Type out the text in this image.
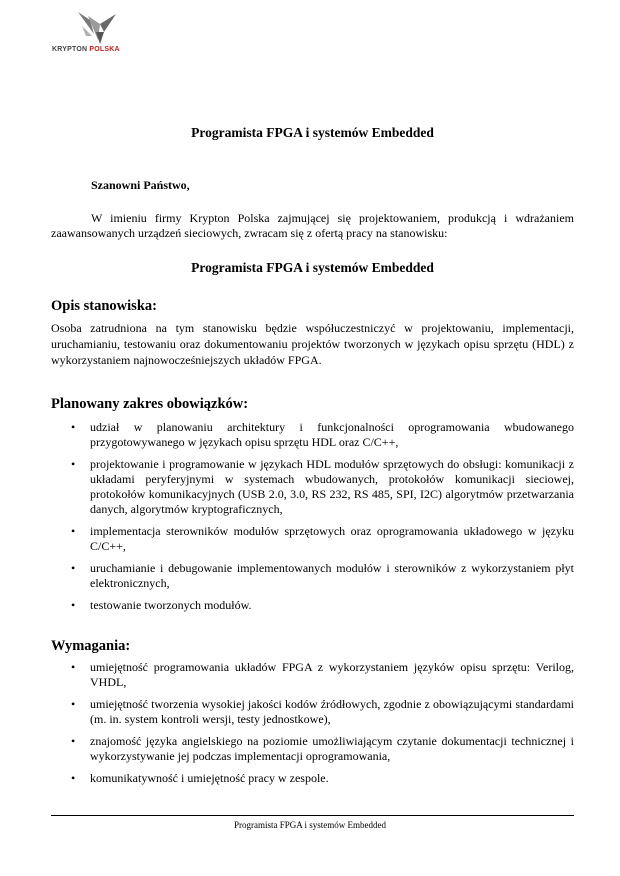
KRYPTON POLSKA
Programista FPGA i systemów Embedded
Szanowni Państwo,

W imieniu firmy Krypton Polska zajmującej się projektowaniem, produkcją i wdrażaniem zaawansowanych urządzeń sieciowych, zwracam się z ofertą pracy na stanowisku:

Programista FPGA i systemów Embedded
Opis stanowiska:

Osoba zatrudniona na tym stanowisku będzie współuczestniczyć w projektowaniu, implementacji, uruchamianiu, testowaniu oraz dokumentowaniu projektów tworzonych w językach opisu sprzętu (HDL) z wykorzystaniem najnowocześniejszych układów FPGA.

Planowany zakres obowiązków:
• udział w planowaniu architektury i funkcjonalności oprogramowania wbudowanego przygotowywanego w językach opisu sprzętu HDL oraz C/C++,
• projektowanie i programowanie w językach HDL modułów sprzętowych do obsługi: komunikacji z układami peryferyjnymi w systemach wbudowanych, protokołów komunikacji sieciowej, protokołów komunikacyjnych (USB 2.0, 3.0, RS 232, RS 485, SPI, I2C) algorytmów przetwarzania danych, algorytmów kryptograficznych,
• implementacja sterowników modułów sprzętowych oraz oprogramowania układowego w języku C/C++,
• uruchamianie i debugowanie implementowanych modułów i sterowników z wykorzystaniem płyt elektronicznych,
• testowanie tworzonych modułów.
Wymagania:
• umiejętność programowania układów FPGA z wykorzystaniem języków opisu sprzętu: Verilog, VHDL,
• umiejętność tworzenia wysokiej jakości kodów źródłowych, zgodnie z obowiązującymi standardami (m. in. system kontroli wersji, testy jednostkowe),
• znajomość języka angielskiego na poziomie umożliwiającym czytanie dokumentacji technicznej i wykorzystywanie jej podczas implementacji oprogramowania,
• komunikatywność i umiejętność pracy w zespole.
Programista FPGA i systemów Embedded
